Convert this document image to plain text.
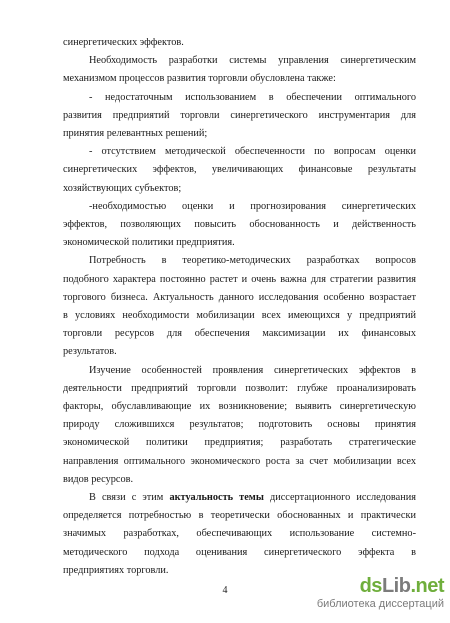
синергетических эффектов.
Необходимость разработки системы управления синергетическим
механизмом процессов развития торговли обусловлена также:
- недостаточным использованием в обеспечении оптимального
развития предприятий торговли синергетического инструментария для
принятия релевантных решений;
- отсутствием методической обеспеченности по вопросам оценки
синергетических эффектов, увеличивающих финансовые результаты
хозяйствующих субъектов;
-необходимостью оценки и прогнозирования синергетических
эффектов, позволяющих повысить обоснованность и действенность
экономической политики предприятия.
Потребность в теоретико-методических разработках вопросов
подобного характера постоянно растет и очень важна для стратегии развития
торгового бизнеса. Актуальность данного исследования особенно возрастает
в условиях необходимости мобилизации всех имеющихся у предприятий
торговли ресурсов для обеспечения максимизации их финансовых
результатов.
Изучение особенностей проявления синергетических эффектов в
деятельности предприятий торговли позволит: глубже проанализировать
факторы, обуславливающие их возникновение; выявить синергетическую
природу сложившихся результатов; подготовить основы принятия
экономической политики предприятия; разработать стратегические
направления оптимального экономического роста за счет мобилизации всех
видов ресурсов.
В связи с этим актуальность темы диссертационного исследования
определяется потребностью в теоретически обоснованных и практически
значимых разработках, обеспечивающих использование системно-
методического подхода оценивания синергетического эффекта в
предприятиях торговли.
4	dsLib.net
библиотека диссертаций
